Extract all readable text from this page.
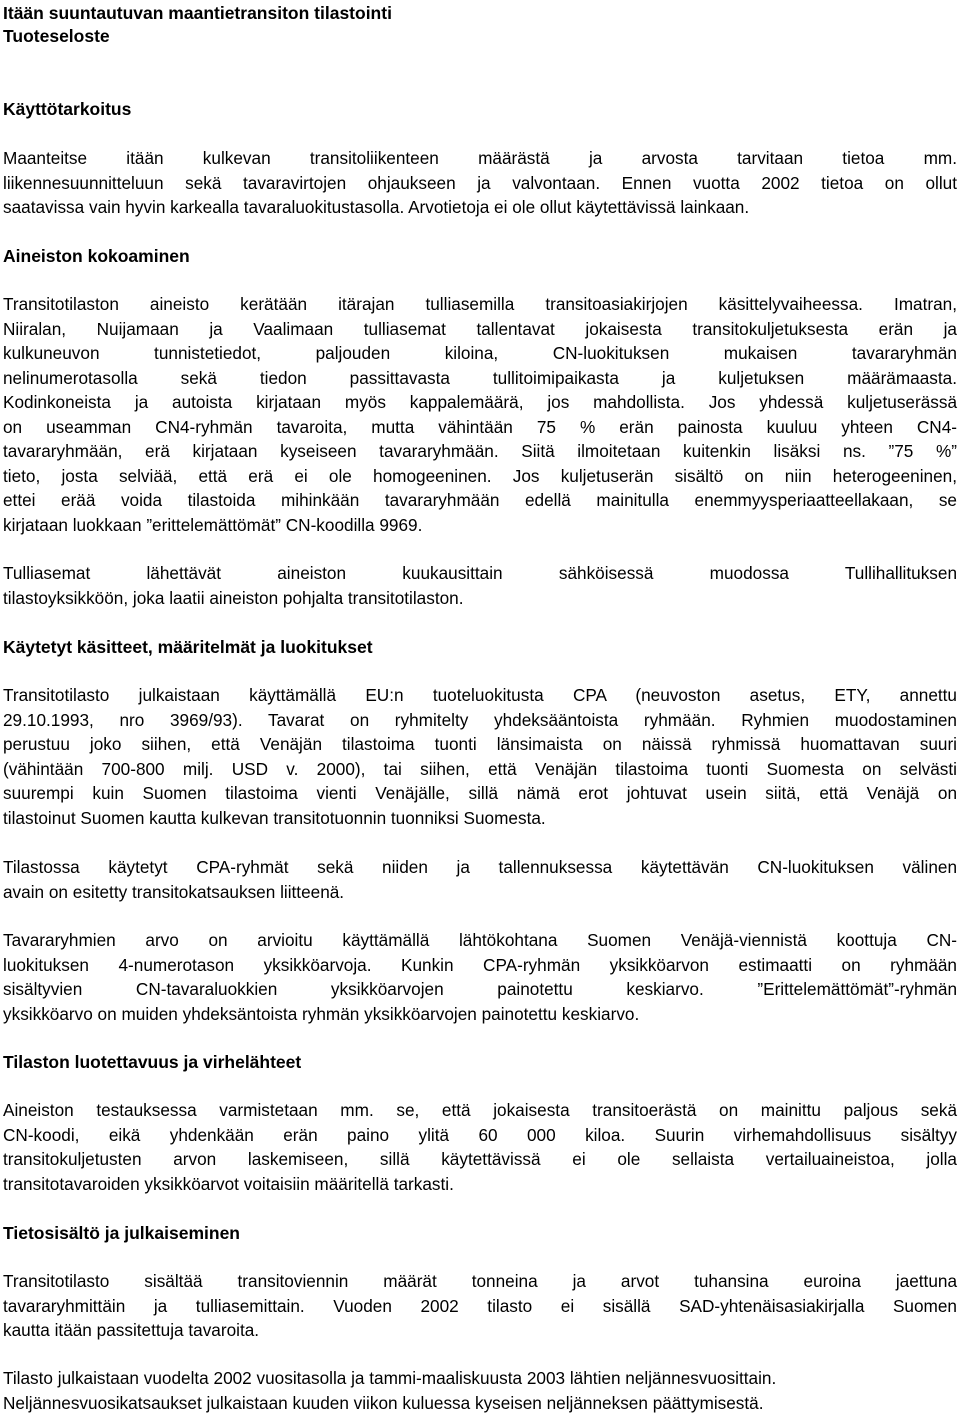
Itään suuntautuvan maantietransiton tilastointi
Tuoteseloste
Käyttötarkoitus
Maanteitse itään kulkevan transitoliikenteen määrästä ja arvosta tarvitaan tietoa mm.
liikennesuunnitteluun sekä tavaravirtojen ohjaukseen ja valvontaan. Ennen vuotta 2002 tietoa on ollut
saatavissa vain hyvin karkealla tavaraluokitustasolla. Arvotietoja ei ole ollut käytettävissä lainkaan.
Aineiston kokoaminen
Transitotilaston aineisto kerätään itärajan tulliasemilla transitoasiakirjojen käsittelyvaiheessa. Imatran,
Niiralan, Nuijamaan ja Vaalimaan tulliasemat tallentavat jokaisesta transitokuljetuksesta erän ja
kulkuneuvon tunnistetiedot, paljouden kiloina, CN-luokituksen mukaisen tavararyhmän
nelinumerotasolla sekä tiedon passittavasta tullitoimipaikasta ja kuljetuksen määrämaasta.
Kodinkoneista ja autoista kirjataan myös kappalemäärä, jos mahdollista. Jos yhdessä kuljetuserässä
on useamman CN4-ryhmän tavaroita, mutta vähintään 75 % erän painosta kuuluu yhteen CN4-
tavararyhmään, erä kirjataan kyseiseen tavararyhmään. Siitä ilmoitetaan kuitenkin lisäksi ns. ”75 %”
tieto, josta selviää, että erä ei ole homogeeninen. Jos kuljetuserän sisältö on niin heterogeeninen,
ettei erää voida tilastoida mihinkään tavararyhmään edellä mainitulla enemmyysperiaatteellakaan, se
kirjataan luokkaan ”erittelemättömät” CN-koodilla 9969.
Tulliasemat lähettävät aineiston kuukausittain sähköisessä muodossa Tullihallituksen
tilastoyksikköön, joka laatii aineiston pohjalta transitotilaston.
Käytetyt käsitteet, määritelmät ja luokitukset
Transitotilasto julkaistaan käyttämällä EU:n tuoteluokitusta CPA (neuvoston asetus, ETY, annettu
29.10.1993, nro 3969/93). Tavarat on ryhmitelty yhdeksääntoista ryhmään. Ryhmien muodostaminen
perustuu joko siihen, että Venäjän tilastoima tuonti länsimaista on näissä ryhmissä huomattavan suuri
(vähintään 700-800 milj. USD v. 2000), tai siihen, että Venäjän tilastoima tuonti Suomesta on selvästi
suurempi kuin Suomen tilastoima vienti Venäjälle, sillä nämä erot johtuvat usein siitä, että Venäjä on
tilastoinut Suomen kautta kulkevan transitotuonnin tuonniksi Suomesta.
Tilastossa käytetyt CPA-ryhmät sekä niiden ja tallennuksessa käytettävän CN-luokituksen välinen
avain on esitetty transitokatsauksen liitteenä.
Tavararyhmien arvo on arvioitu käyttämällä lähtökohtana Suomen Venäjä-viennistä koottuja CN-
luokituksen 4-numerotason yksikköarvoja. Kunkin CPA-ryhmän yksikköarvon estimaatti on ryhmään
sisältyvien CN-tavaraluokkien yksikköarvojen painotettu keskiarvo. ”Erittelemättömät”-ryhmän
yksikköarvo on muiden yhdeksäntoista ryhmän yksikköarvojen painotettu keskiarvo.
Tilaston luotettavuus ja virhelähteet
Aineiston testauksessa varmistetaan mm. se, että jokaisesta transitoerästä on mainittu paljous sekä
CN-koodi, eikä yhdenkään erän paino ylitä 60 000 kiloa. Suurin virhemahdollisuus sisältyy
transitokuljetusten arvon laskemiseen, sillä käytettävissä ei ole sellaista vertailuaineistoa, jolla
transitotavaroiden yksikköarvot voitaisiin määritellä tarkasti.
Tietosisältö ja julkaiseminen
Transitotilasto sisältää transitoviennin määrät tonneina ja arvot tuhansina euroina jaettuna
tavararyhmittäin ja tulliasemittain. Vuoden 2002 tilasto ei sisällä SAD-yhtenäisasiakirjalla Suomen
kautta itään passitettuja tavaroita.
Tilasto julkaistaan vuodelta 2002 vuositasolla ja tammi-maaliskuusta 2003 lähtien neljännesvuosittain.
Neljännesvuosikatsaukset julkaistaan kuuden viikon kuluessa kyseisen neljänneksen päättymisestä.
